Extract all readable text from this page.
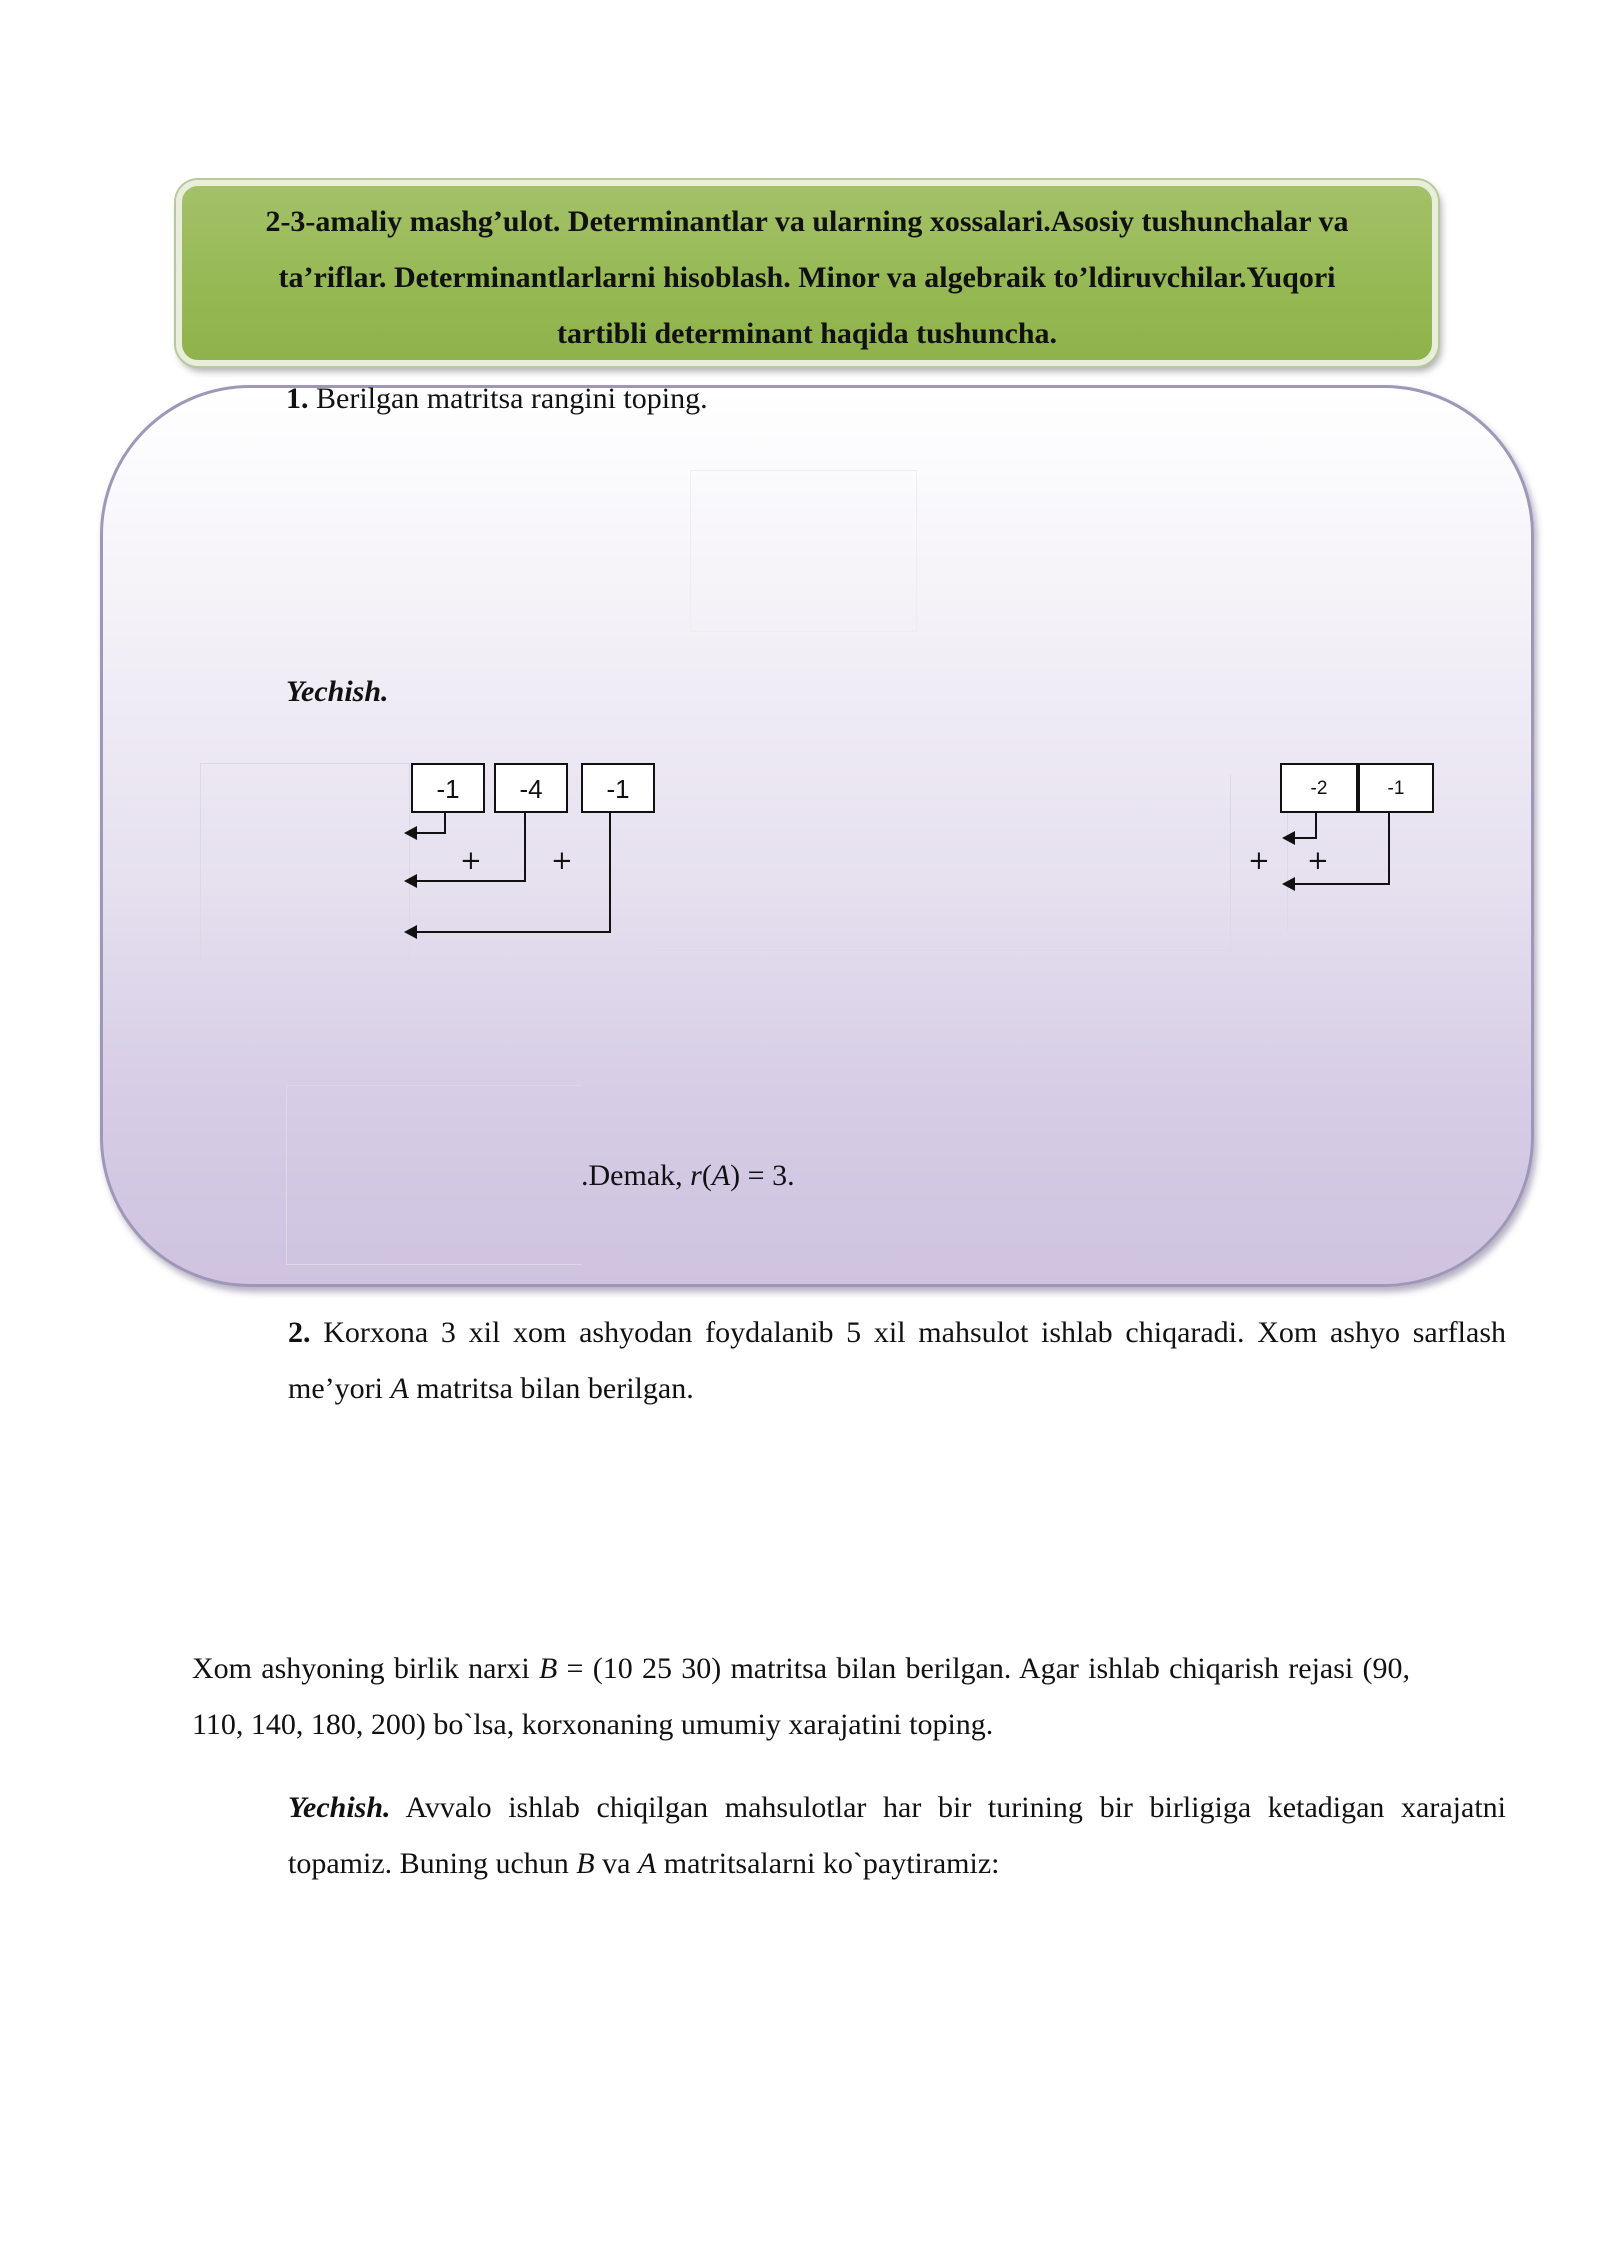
2-3-amaliy mashg’ulot. Determinantlar va ularning xossalari.Asosiy tushunchalar va
ta’riflar. Determinantlarlarni hisoblash. Minor va algebraik to’ldiruvchilar.Yuqori
tartibli determinant haqida tushuncha.
1. Berilgan matritsa rangini toping.
Yechish.
-1	-4	-1
+	+
-2	-1
+ +
.Demak, r(A) = 3.
2. Korxona 3 xil xom ashyodan foydalanib 5 xil mahsulot ishlab chiqaradi. Xom ashyo sarflash me’yori A matritsa bilan berilgan.
Xom ashyoning birlik narxi B = (10 25 30) matritsa bilan berilgan. Agar ishlab chiqarish rejasi (90, 110, 140, 180, 200) bo`lsa, korxonaning umumiy xarajatini toping.
Yechish. Avvalo ishlab chiqilgan mahsulotlar har bir turining bir birligiga ketadigan xarajatni topamiz. Buning uchun B va A matritsalarni ko`paytiramiz:
